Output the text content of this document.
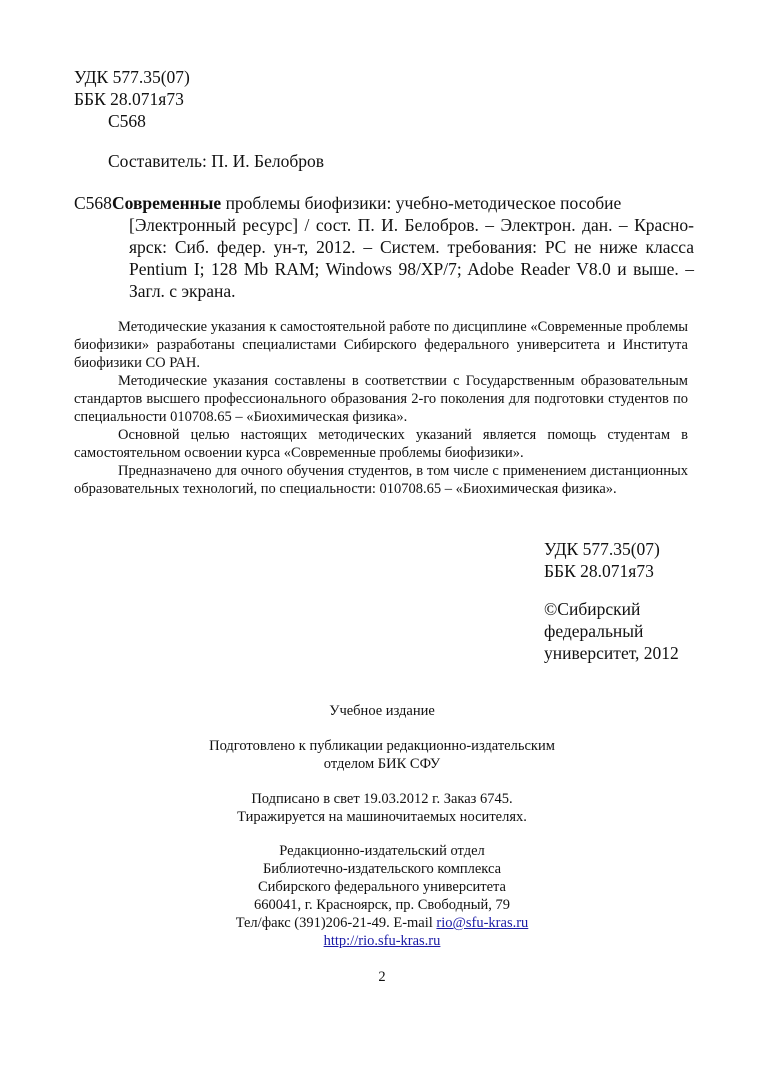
УДК 577.35(07)
ББК 28.071я73
С568
Составитель: П. И. Белобров
С568 Современные проблемы биофизики: учебно-методическое пособие
[Электронный ресурс] / сост. П. И. Белобров. – Электрон. дан. – Красно-
ярск: Сиб. федер. ун-т, 2012. – Систем. требования: PC не ниже класса
Pentium I; 128 Mb RAM; Windows 98/XP/7; Adobe Reader V8.0 и выше. –
Загл. с экрана.

Методические указания к самостоятельной работе по дисциплине «Современные проблемы биофизики» разработаны специалистами Сибирского федерального университета и Института биофизики СО РАН.

Методические указания составлены в соответствии с Государственным образовательным стандартов высшего профессионального образования 2-го поколения для подготовки студентов по специальности 010708.65 – «Биохимическая физика».

Основной целью настоящих методических указаний является помощь студентам в самостоятельном освоении курса «Современные проблемы биофизики».

Предназначено для очного обучения студентов, в том числе с применением дистанционных образовательных технологий, по специальности: 010708.65 – «Биохимическая физика».

УДК 577.35(07)
ББК 28.071я73
©Сибирский
федеральный
университет, 2012
Учебное издание
Подготовлено к публикации редакционно-издательским
отделом БИК СФУ
Подписано в свет 19.03.2012 г. Заказ 6745.
Тиражируется на машиночитаемых носителях.
Редакционно-издательский отдел
Библиотечно-издательского комплекса
Сибирского федерального университета
660041, г. Красноярск, пр. Свободный, 79
Тел/факс (391)206-21-49. E-mail rio@sfu-kras.ru
http://rio.sfu-kras.ru
2
